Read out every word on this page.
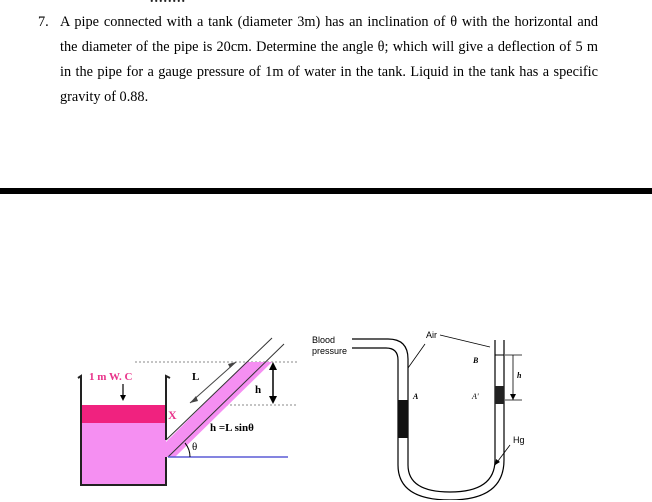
7. A pipe connected with a tank (diameter 3m) has an inclination of θ with the horizontal and the diameter of the pipe is 20cm. Determine the angle θ; which will give a deflection of 5 m in the pipe for a gauge pressure of 1m of water in the tank. Liquid in the tank has a specific gravity of 0.88.
1 m W. C
X
L
h
h =L sinθ
θ
Blood
pressure
Air
B
A	A'
h
Hg
